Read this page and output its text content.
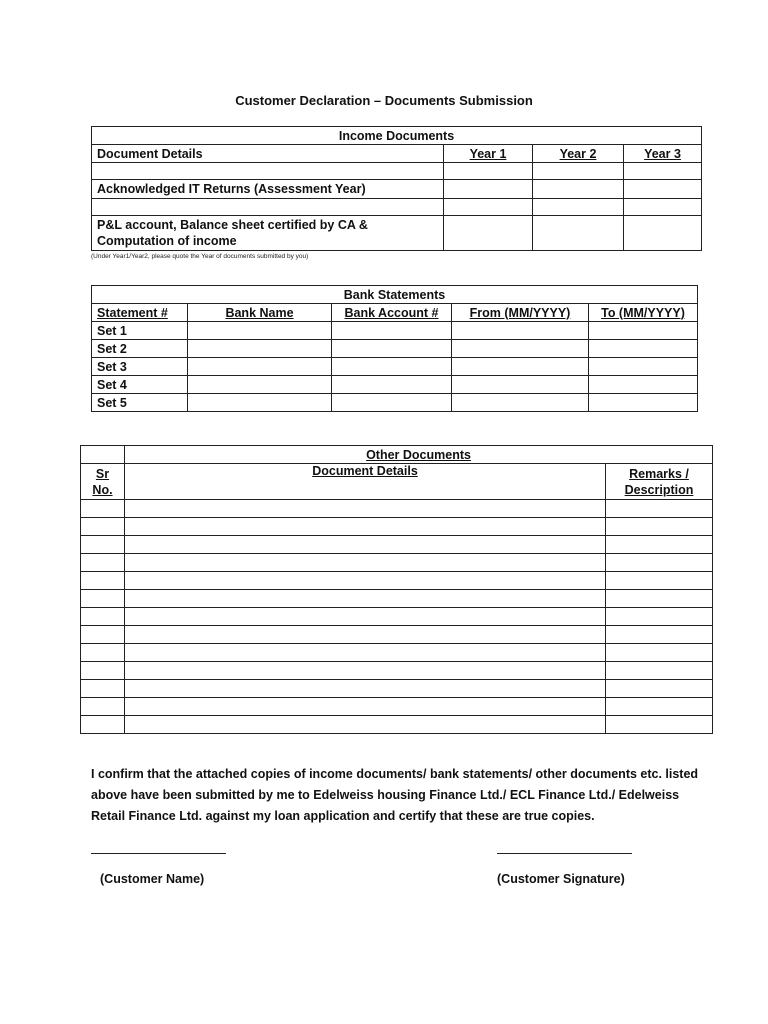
Customer Declaration – Documents Submission
Income Documents			
Document Details	Year 1	Year 2	Year 3

Acknowledged IT Returns (Assessment Year)			

P&L account, Balance sheet certified by CA & Computation of income			
(Under Year1/Year2, please quote the Year of documents submitted by you)
Bank Statements				
Statement #	Bank Name	Bank Account #	From (MM/YYYY)	To (MM/YYYY)
Set 1				
Set 2				
Set 3				
Set 4				
Set 5				
	Other Documents	
Sr
No.	Document Details	Remarks /
Description

I confirm that the attached copies of income documents/ bank statements/ other documents etc. listed above have been submitted by me to Edelweiss housing Finance Ltd./ ECL Finance Ltd./ Edelweiss Retail Finance Ltd. against my loan application and certify that these are true copies.
(Customer Name)	(Customer Signature)
